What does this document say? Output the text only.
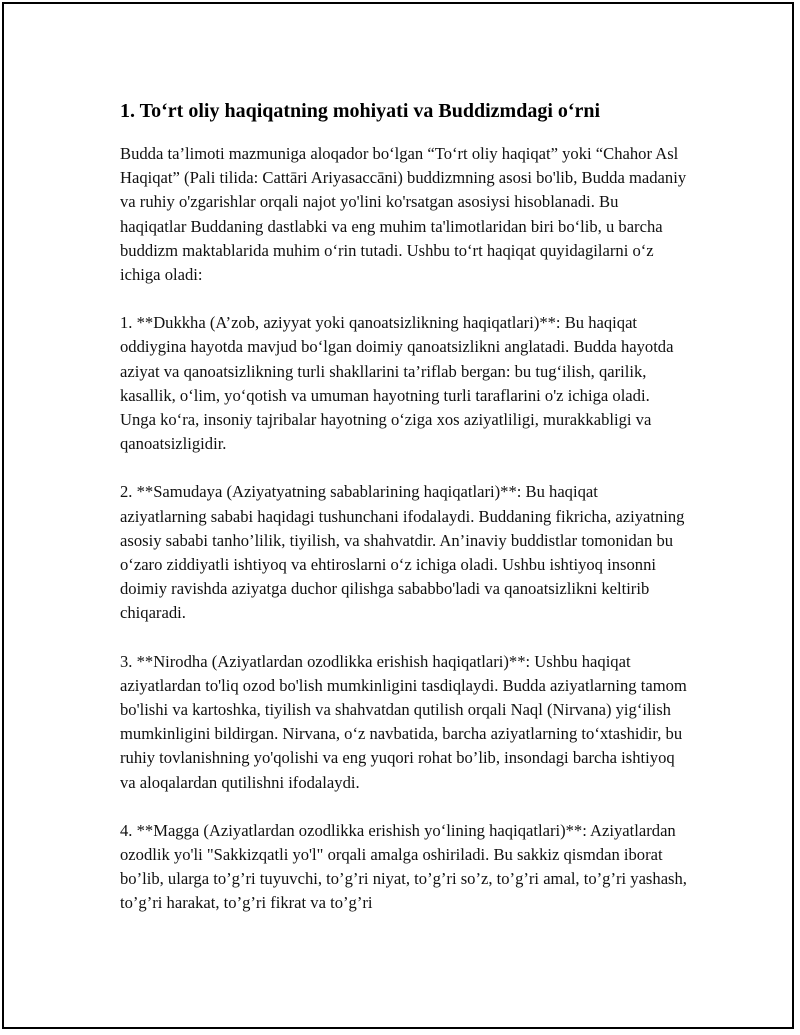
1. To‘rt oliy haqiqatning mohiyati va Buddizmdagi o‘rni

Budda ta’limoti mazmuniga aloqador bo‘lgan “To‘rt oliy haqiqat” yoki “Chahor Asl Haqiqat” (Pali tilida: Cattāri Ariyasaccāni) buddizmning asosi bo'lib, Budda madaniy va ruhiy o'zgarishlar orqali najot yo'lini ko'rsatgan asosiysi hisoblanadi. Bu haqiqatlar Buddaning dastlabki va eng muhim ta'limotlaridan biri bo‘lib, u barcha buddizm maktablarida muhim o‘rin tutadi. Ushbu to‘rt haqiqat quyidagilarni o‘z ichiga oladi:

1. **Dukkha (A’zob, aziyyat yoki qanoatsizlikning haqiqatlari)**: Bu haqiqat oddiygina hayotda mavjud bo‘lgan doimiy qanoatsizlikni anglatadi. Budda hayotda aziyat va qanoatsizlikning turli shakllarini ta’riflab bergan: bu tug‘ilish, qarilik, kasallik, o‘lim, yo‘qotish va umuman hayotning turli taraflarini o'z ichiga oladi. Unga ko‘ra, insoniy tajribalar hayotning o‘ziga xos aziyatliligi, murakkabligi va qanoatsizligidir.

2. **Samudaya (Aziyatyatning sabablarining haqiqatlari)**: Bu haqiqat aziyatlarning sababi haqidagi tushunchani ifodalaydi. Buddaning fikricha, aziyatning asosiy sababi tanho’lilik, tiyilish, va shahvatdir. An’inaviy buddistlar tomonidan bu o‘zaro ziddiyatli ishtiyoq va ehtiroslarni o‘z ichiga oladi. Ushbu ishtiyoq insonni doimiy ravishda aziyatga duchor qilishga sababbo'ladi va qanoatsizlikni keltirib chiqaradi.

3. **Nirodha (Aziyatlardan ozodlikka erishish haqiqatlari)**: Ushbu haqiqat aziyatlardan to'liq ozod bo'lish mumkinligini tasdiqlaydi. Budda aziyatlarning tamom bo'lishi va kartoshka, tiyilish va shahvatdan qutilish orqali Naql (Nirvana) yig‘ilish mumkinligini bildirgan. Nirvana, o‘z navbatida, barcha aziyatlarning to‘xtashidir, bu ruhiy tovlanishning yo'qolishi va eng yuqori rohat bo’lib, insondagi barcha ishtiyoq va aloqalardan qutilishni ifodalaydi.

4. **Magga (Aziyatlardan ozodlikka erishish yo‘lining haqiqatlari)**: Aziyatlardan ozodlik yo'li "Sakkizqatli yo'l" orqali amalga oshiriladi. Bu sakkiz qismdan iborat bo’lib, ularga to’g’ri tuyuvchi, to’g’ri niyat, to’g’ri so’z, to’g’ri amal, to’g’ri yashash, to’g’ri harakat, to’g’ri fikrat va to’g’ri
